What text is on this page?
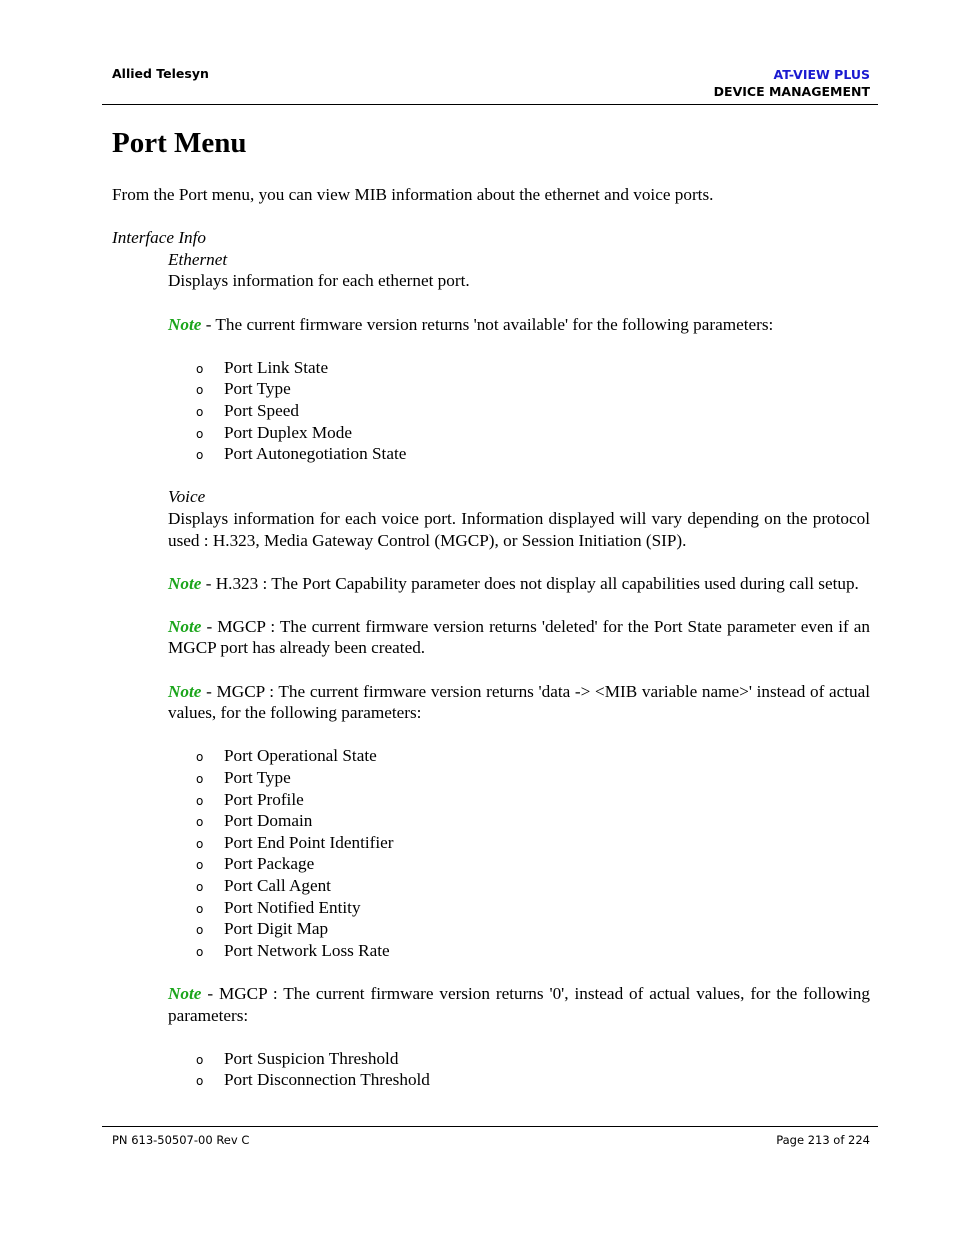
Allied Telesyn	AT-VIEW PLUS
DEVICE MANAGEMENT
Port Menu

From the Port menu, you can view MIB information about the ethernet and voice ports.

Interface Info

Ethernet

Displays information for each ethernet port.

Note - The current firmware version returns 'not available' for the following parameters:

o Port Link State
o Port Type
o Port Speed
o Port Duplex Mode
o Port Autonegotiation State

Voice

Displays information for each voice port. Information displayed will vary depending on the protocol used : H.323, Media Gateway Control (MGCP), or Session Initiation (SIP).

Note - H.323 : The Port Capability parameter does not display all capabilities used during call setup.

Note - MGCP : The current firmware version returns 'deleted' for the Port State parameter even if an MGCP port has already been created.

Note - MGCP : The current firmware version returns 'data -> <MIB variable name>' instead of actual values, for the following parameters:

o Port Operational State
o Port Type
o Port Profile
o Port Domain
o Port End Point Identifier
o Port Package
o Port Call Agent
o Port Notified Entity
o Port Digit Map
o Port Network Loss Rate

Note - MGCP : The current firmware version returns '0', instead of actual values, for the following parameters:

o Port Suspicion Threshold
o Port Disconnection Threshold
PN 613-50507-00 Rev C	Page 213 of 224
